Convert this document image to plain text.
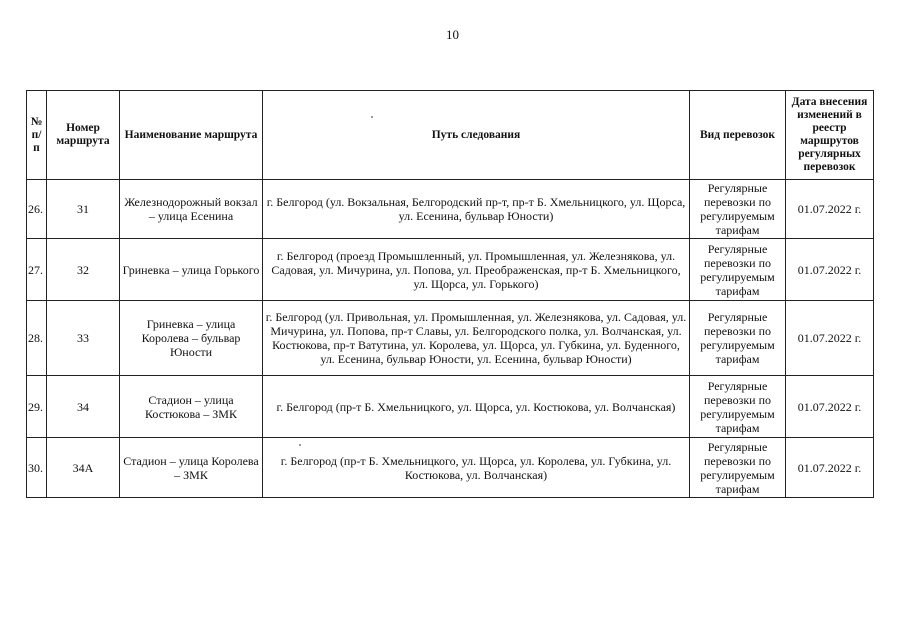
10
№ п/п	Номер маршрута	Наименование маршрута	Путь следования	Вид перевозок	Дата внесения изменений в реестр маршрутов регулярных перевозок
26.	31	Железнодорожный вокзал – улица Есенина	г. Белгород (ул. Вокзальная, Белгородский пр-т, пр-т Б. Хмельницкого, ул. Щорса, ул. Есенина, бульвар Юности)	Регулярные перевозки по регулируемым тарифам	01.07.2022 г.
27.	32	Гриневка – улица Горького	г. Белгород (проезд Промышленный, ул. Промышленная, ул. Железнякова, ул. Садовая, ул. Мичурина, ул. Попова, ул. Преображенская, пр-т Б. Хмельницкого, ул. Щорса, ул. Горького)	Регулярные перевозки по регулируемым тарифам	01.07.2022 г.
28.	33	Гриневка – улица Королева – бульвар Юности	г. Белгород (ул. Привольная, ул. Промышленная, ул. Железнякова, ул. Садовая, ул. Мичурина, ул. Попова, пр-т Славы, ул. Белгородского полка, ул. Волчанская, ул. Костюкова, пр-т Ватутина, ул. Королева, ул. Щорса, ул. Губкина, ул. Буденного, ул. Есенина, бульвар Юности, ул. Есенина, бульвар Юности)	Регулярные перевозки по регулируемым тарифам	01.07.2022 г.
29.	34	Стадион – улица Костюкова – ЗМК	г. Белгород (пр-т Б. Хмельницкого, ул. Щорса, ул. Костюкова, ул. Волчанская)	Регулярные перевозки по регулируемым тарифам	01.07.2022 г.
30.	34А	Стадион – улица Королева – ЗМК	г. Белгород (пр-т Б. Хмельницкого, ул. Щорса, ул. Королева, ул. Губкина, ул. Костюкова, ул. Волчанская)	Регулярные перевозки по регулируемым тарифам	01.07.2022 г.
